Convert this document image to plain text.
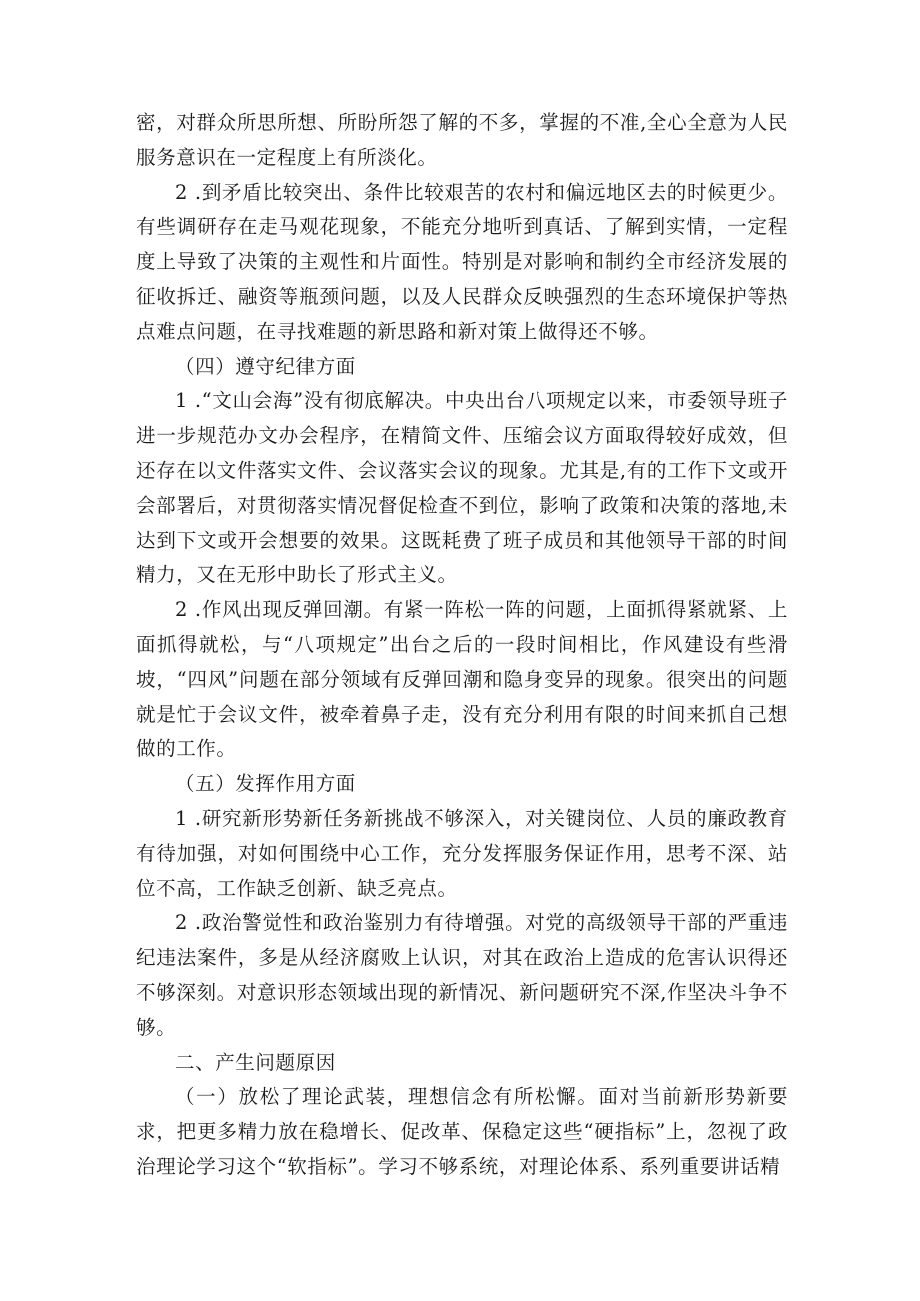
密，对群众所思所想、所盼所怨了解的不多，掌握的不准,全心全意为人民服务意识在一定程度上有所淡化。

2 .到矛盾比较突出、条件比较艰苦的农村和偏远地区去的时候更少。有些调研存在走马观花现象，不能充分地听到真话、了解到实情，一定程度上导致了决策的主观性和片面性。特别是对影响和制约全市经济发展的征收拆迁、融资等瓶颈问题，以及人民群众反映强烈的生态环境保护等热点难点问题，在寻找难题的新思路和新对策上做得还不够。

（四）遵守纪律方面

1 .“文山会海”没有彻底解决。中央出台八项规定以来，市委领导班子进一步规范办文办会程序，在精简文件、压缩会议方面取得较好成效，但还存在以文件落实文件、会议落实会议的现象。尤其是,有的工作下文或开会部署后，对贯彻落实情况督促检查不到位，影响了政策和决策的落地,未达到下文或开会想要的效果。这既耗费了班子成员和其他领导干部的时间精力，又在无形中助长了形式主义。

2 .作风出现反弹回潮。有紧一阵松一阵的问题，上面抓得紧就紧、上面抓得就松，与“八项规定”出台之后的一段时间相比，作风建设有些滑坡，“四风”问题在部分领域有反弹回潮和隐身变异的现象。很突出的问题就是忙于会议文件，被牵着鼻子走，没有充分利用有限的时间来抓自己想做的工作。

（五）发挥作用方面

1 .研究新形势新任务新挑战不够深入，对关键岗位、人员的廉政教育有待加强，对如何围绕中心工作，充分发挥服务保证作用，思考不深、站位不高，工作缺乏创新、缺乏亮点。

2 .政治警觉性和政治鉴别力有待增强。对党的高级领导干部的严重违纪违法案件，多是从经济腐败上认识，对其在政治上造成的危害认识得还不够深刻。对意识形态领域出现的新情况、新问题研究不深,作坚决斗争不够。

二、产生问题原因

（一）放松了理论武装，理想信念有所松懈。面对当前新形势新要求，把更多精力放在稳增长、促改革、保稳定这些“硬指标”上，忽视了政治理论学习这个“软指标”。学习不够系统，对理论体系、系列重要讲话精
